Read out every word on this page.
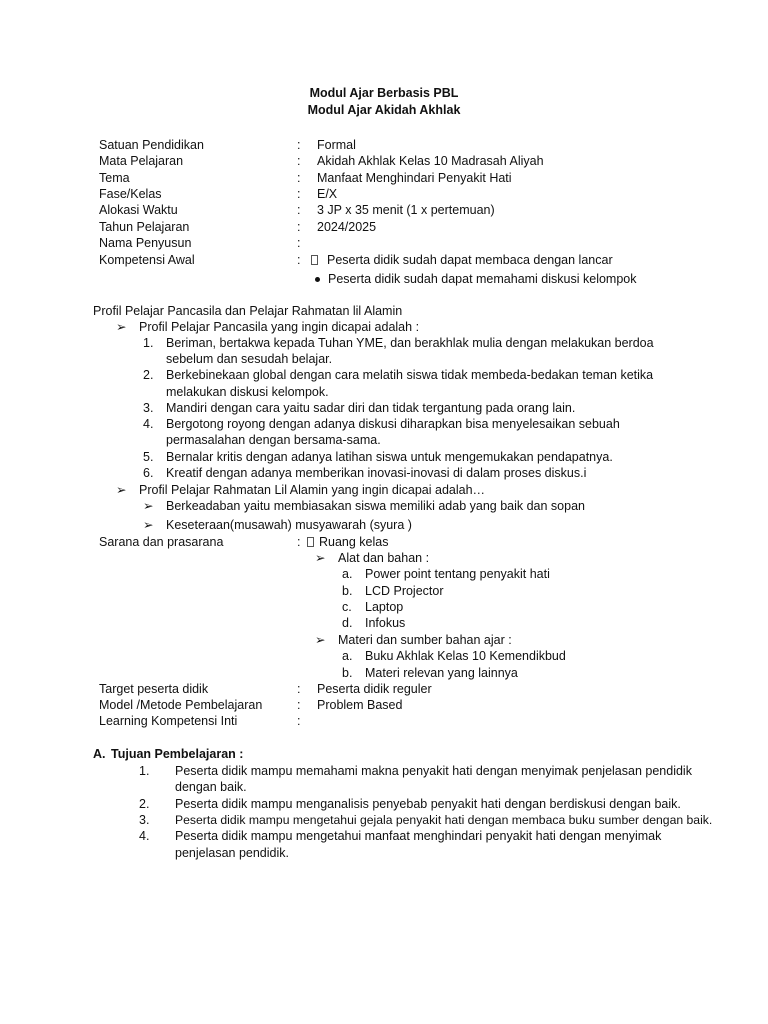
Modul Ajar Berbasis PBL
Modul Ajar Akidah Akhlak
Satuan Pendidikan	: Formal
Mata Pelajaran	: Akidah Akhlak Kelas 10 Madrasah Aliyah
Tema	: Manfaat Menghindari Penyakit Hati
Fase/Kelas	: E/X
Alokasi Waktu	: 3 JP x 35 menit (1 x pertemuan)
Tahun Pelajaran	: 2024/2025
Nama Penyusun	:
Kompetensi Awal	: Peserta didik sudah dapat membaca dengan lancar
Peserta didik sudah dapat memahami diskusi kelompok
Profil Pelajar Pancasila dan Pelajar Rahmatan lil Alamin
➢ Profil Pelajar Pancasila yang ingin dicapai adalah :
1. Beriman, bertakwa kepada Tuhan YME, dan berakhlak mulia dengan melakukan berdoa
sebelum dan sesudah belajar.
2. Berkebinekaan global dengan cara melatih siswa tidak membeda-bedakan teman ketika
melakukan diskusi kelompok.
3. Mandiri dengan cara yaitu sadar diri dan tidak tergantung pada orang lain.
4. Bergotong royong dengan adanya diskusi diharapkan bisa menyelesaikan sebuah
permasalahan dengan bersama-sama.
5. Bernalar kritis dengan adanya latihan siswa untuk mengemukakan pendapatnya.
6. Kreatif dengan adanya memberikan inovasi-inovasi di dalam proses diskus.i
➢ Profil Pelajar Rahmatan Lil Alamin yang ingin dicapai adalah…
➢ Berkeadaban yaitu membiasakan siswa memiliki adab yang baik dan sopan
➢ Keseteraan(musawah) musyawarah (syura )
Sarana dan prasarana	: Ruang kelas
➢ Alat dan bahan :
a. Power point tentang penyakit hati
b. LCD Projector
c. Laptop
d. Infokus
➢ Materi dan sumber bahan ajar :
a. Buku Akhlak Kelas 10 Kemendikbud
b. Materi relevan yang lainnya
Target peserta didik	: Peserta didik reguler
Model /Metode Pembelajaran	: Problem Based
Learning Kompetensi Inti	:
A. Tujuan Pembelajaran :
1. Peserta didik mampu memahami makna penyakit hati dengan menyimak penjelasan pendidik
dengan baik.
2. Peserta didik mampu menganalisis penyebab penyakit hati dengan berdiskusi dengan baik.
3. Peserta didik mampu mengetahui gejala penyakit hati dengan membaca buku sumber dengan baik.
4. Peserta didik mampu mengetahui manfaat menghindari penyakit hati dengan menyimak
penjelasan pendidik.
